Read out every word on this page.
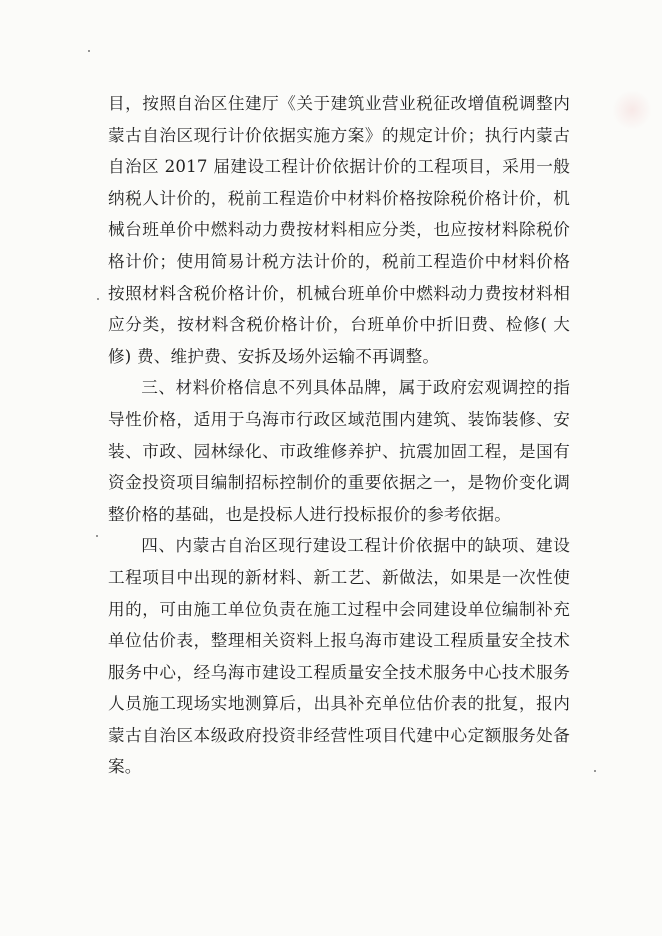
目，按照自治区住建厅《关于建筑业营业税征改增值税调整内蒙古自治区现行计价依据实施方案》的规定计价；执行内蒙古自治区 2017 届建设工程计价依据计价的工程项目，采用一般纳税人计价的，税前工程造价中材料价格按除税价格计价，机械台班单价中燃料动力费按材料相应分类，也应按材料除税价格计价；使用简易计税方法计价的，税前工程造价中材料价格按照材料含税价格计价，机械台班单价中燃料动力费按材料相应分类，按材料含税价格计价，台班单价中折旧费、检修( 大修) 费、维护费、安拆及场外运输不再调整。

三、材料价格信息不列具体品牌，属于政府宏观调控的指导性价格，适用于乌海市行政区域范围内建筑、装饰装修、安装、市政、园林绿化、市政维修养护、抗震加固工程，是国有资金投资项目编制招标控制价的重要依据之一，是物价变化调整价格的基础，也是投标人进行投标报价的参考依据。

四、内蒙古自治区现行建设工程计价依据中的缺项、建设工程项目中出现的新材料、新工艺、新做法，如果是一次性使用的，可由施工单位负责在施工过程中会同建设单位编制补充单位估价表，整理相关资料上报乌海市建设工程质量安全技术服务中心，经乌海市建设工程质量安全技术服务中心技术服务人员施工现场实地测算后，出具补充单位估价表的批复，报内蒙古自治区本级政府投资非经营性项目代建中心定额服务处备案。
